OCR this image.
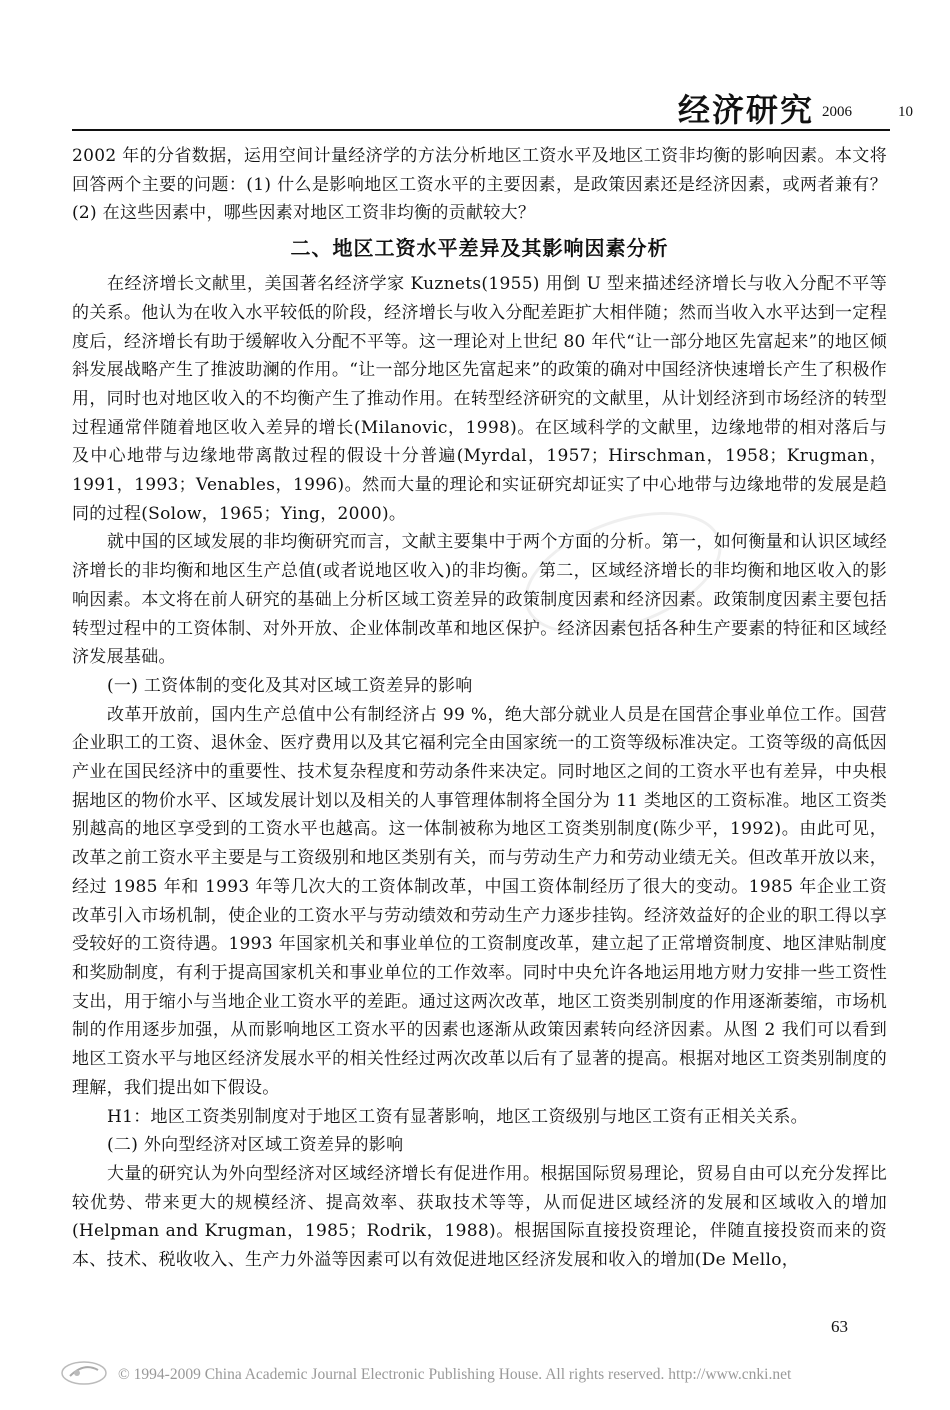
经济研究 2006	10

2002 年的分省数据，运用空间计量经济学的方法分析地区工资水平及地区工资非均衡的影响因素。本文将回答两个主要的问题：(1) 什么是影响地区工资水平的主要因素，是政策因素还是经济因素，或两者兼有？(2) 在这些因素中，哪些因素对地区工资非均衡的贡献较大？

二、地区工资水平差异及其影响因素分析

在经济增长文献里，美国著名经济学家 Kuznets(1955) 用倒 U 型来描述经济增长与收入分配不平等的关系。他认为在收入水平较低的阶段，经济增长与收入分配差距扩大相伴随；然而当收入水平达到一定程度后，经济增长有助于缓解收入分配不平等。这一理论对上世纪 80 年代“让一部分地区先富起来”的地区倾斜发展战略产生了推波助澜的作用。“让一部分地区先富起来”的政策的确对中国经济快速增长产生了积极作用，同时也对地区收入的不均衡产生了推动作用。在转型经济研究的文献里，从计划经济到市场经济的转型过程通常伴随着地区收入差异的增长(Milanovic，1998)。在区域科学的文献里，边缘地带的相对落后与及中心地带与边缘地带离散过程的假设十分普遍(Myrdal，1957；Hirschman，1958；Krugman，1991，1993；Venables，1996)。然而大量的理论和实证研究却证实了中心地带与边缘地带的发展是趋同的过程(Solow，1965；Ying，2000)。

就中国的区域发展的非均衡研究而言，文献主要集中于两个方面的分析。第一，如何衡量和认识区域经济增长的非均衡和地区生产总值(或者说地区收入)的非均衡。第二，区域经济增长的非均衡和地区收入的影响因素。本文将在前人研究的基础上分析区域工资差异的政策制度因素和经济因素。政策制度因素主要包括转型过程中的工资体制、对外开放、企业体制改革和地区保护。经济因素包括各种生产要素的特征和区域经济发展基础。

(一) 工资体制的变化及其对区域工资差异的影响

改革开放前，国内生产总值中公有制经济占 99 %，绝大部分就业人员是在国营企事业单位工作。国营企业职工的工资、退休金、医疗费用以及其它福利完全由国家统一的工资等级标准决定。工资等级的高低因产业在国民经济中的重要性、技术复杂程度和劳动条件来决定。同时地区之间的工资水平也有差异，中央根据地区的物价水平、区域发展计划以及相关的人事管理体制将全国分为 11 类地区的工资标准。地区工资类别越高的地区享受到的工资水平也越高。这一体制被称为地区工资类别制度(陈少平，1992)。由此可见，改革之前工资水平主要是与工资级别和地区类别有关，而与劳动生产力和劳动业绩无关。但改革开放以来，经过 1985 年和 1993 年等几次大的工资体制改革，中国工资体制经历了很大的变动。1985 年企业工资改革引入市场机制，使企业的工资水平与劳动绩效和劳动生产力逐步挂钩。经济效益好的企业的职工得以享受较好的工资待遇。1993 年国家机关和事业单位的工资制度改革，建立起了正常增资制度、地区津贴制度和奖励制度，有利于提高国家机关和事业单位的工作效率。同时中央允许各地运用地方财力安排一些工资性支出，用于缩小与当地企业工资水平的差距。通过这两次改革，地区工资类别制度的作用逐渐萎缩，市场机制的作用逐步加强，从而影响地区工资水平的因素也逐渐从政策因素转向经济因素。从图 2 我们可以看到地区工资水平与地区经济发展水平的相关性经过两次改革以后有了显著的提高。根据对地区工资类别制度的理解，我们提出如下假设。

H1：地区工资类别制度对于地区工资有显著影响，地区工资级别与地区工资有正相关关系。

(二) 外向型经济对区域工资差异的影响

大量的研究认为外向型经济对区域经济增长有促进作用。根据国际贸易理论，贸易自由可以充分发挥比较优势、带来更大的规模经济、提高效率、获取技术等等，从而促进区域经济的发展和区域收入的增加(Helpman and Krugman，1985；Rodrik，1988)。根据国际直接投资理论，伴随直接投资而来的资本、技术、税收收入、生产力外溢等因素可以有效促进地区经济发展和收入的增加(De Mello，

63
© 1994-2009 China Academic Journal Electronic Publishing House. All rights reserved. http://www.cnki.net
